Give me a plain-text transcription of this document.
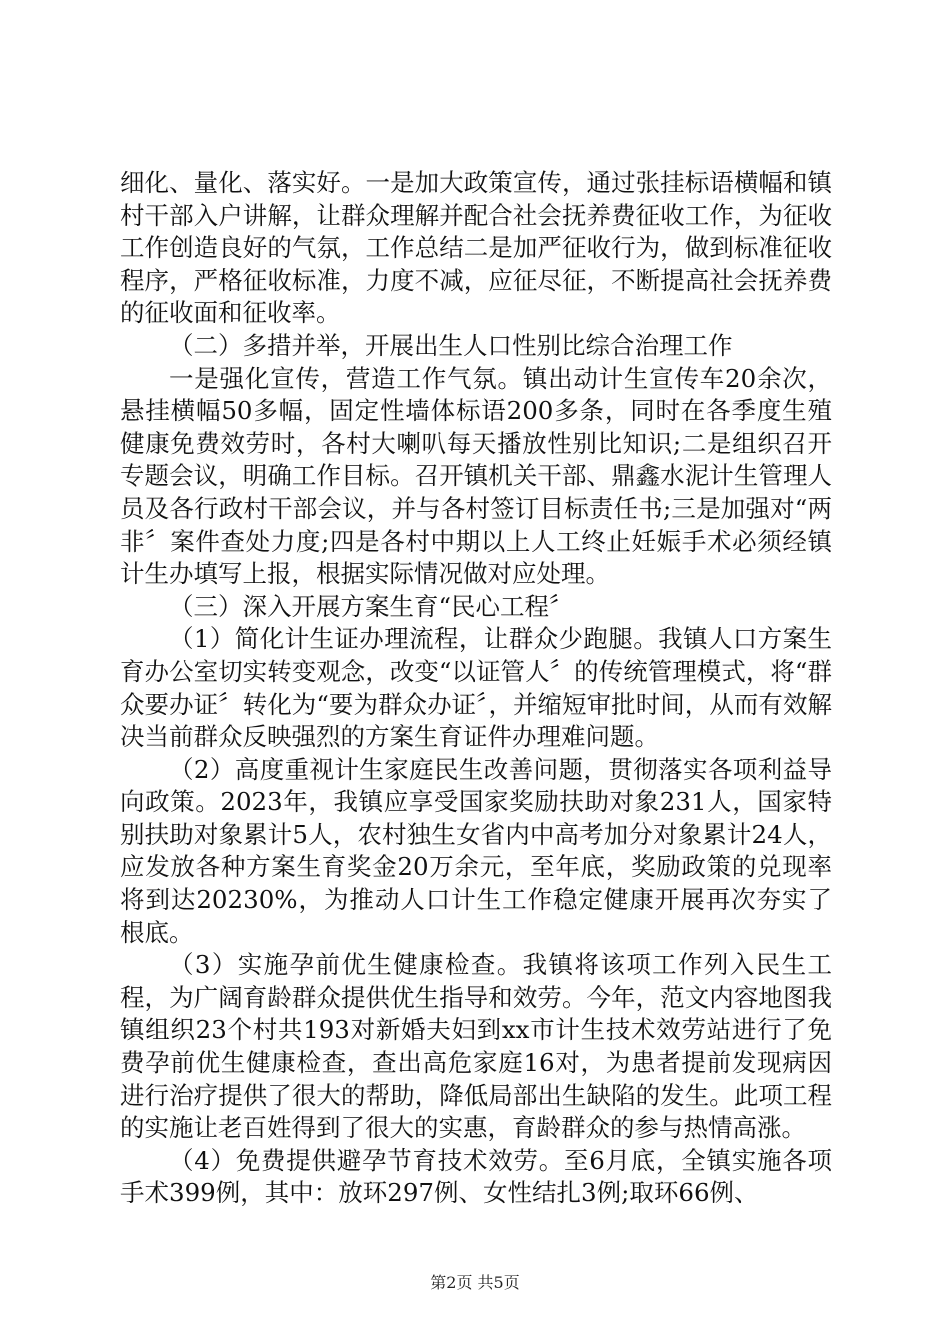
细化、量化、落实好。一是加大政策宣传，通过张挂标语横幅和镇村干部入户讲解，让群众理解并配合社会抚养费征收工作，为征收工作创造良好的气氛，工作总结二是加严征收行为，做到标准征收程序，严格征收标准，力度不减，应征尽征，不断提高社会抚养费的征收面和征收率。

（二）多措并举，开展出生人口性别比综合治理工作

一是强化宣传，营造工作气氛。镇出动计生宣传车20余次，悬挂横幅50多幅，固定性墙体标语200多条，同时在各季度生殖健康免费效劳时，各村大喇叭每天播放性别比知识;二是组织召开专题会议，明确工作目标。召开镇机关干部、鼎鑫水泥计生管理人员及各行政村干部会议，并与各村签订目标责任书;三是加强对“两非〞案件查处力度;四是各村中期以上人工终止妊娠手术必须经镇计生办填写上报，根据实际情况做对应处理。

（三）深入开展方案生育“民心工程〞

（1）简化计生证办理流程，让群众少跑腿。我镇人口方案生育办公室切实转变观念，改变“以证管人〞的传统管理模式，将“群众要办证〞转化为“要为群众办证〞，并缩短审批时间，从而有效解决当前群众反映强烈的方案生育证件办理难问题。

（2）高度重视计生家庭民生改善问题，贯彻落实各项利益导向政策。2023年，我镇应享受国家奖励扶助对象231人，国家特别扶助对象累计5人，农村独生女省内中高考加分对象累计24人，应发放各种方案生育奖金20万余元，至年底，奖励政策的兑现率将到达20230%，为推动人口计生工作稳定健康开展再次夯实了根底。

（3）实施孕前优生健康检查。我镇将该项工作列入民生工程，为广阔育龄群众提供优生指导和效劳。今年，范文内容地图我镇组织23个村共193对新婚夫妇到xx市计生技术效劳站进行了免费孕前优生健康检查，查出高危家庭16对，为患者提前发现病因进行治疗提供了很大的帮助，降低局部出生缺陷的发生。此项工程的实施让老百姓得到了很大的实惠，育龄群众的参与热情高涨。

（4）免费提供避孕节育技术效劳。至6月底，全镇实施各项手术399例，其中：放环297例、女性结扎3例;取环66例、

第2页 共5页
